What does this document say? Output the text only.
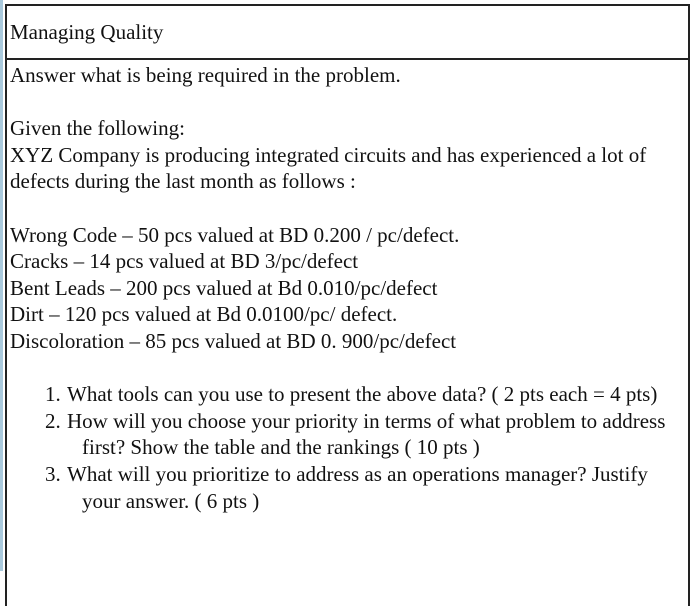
Managing Quality
Answer what is being required in the problem.
Given the following:
XYZ Company is producing integrated circuits and has experienced a lot of defects during the last month as follows :
Wrong Code – 50 pcs valued at BD 0.200 / pc/defect.
Cracks – 14 pcs valued at BD 3/pc/defect
Bent Leads – 200 pcs valued at Bd 0.010/pc/defect
Dirt – 120 pcs valued at Bd 0.0100/pc/ defect.
Discoloration – 85 pcs valued at BD 0. 900/pc/defect
1. What tools can you use to present the above data? ( 2 pts each = 4 pts)
2. How will you choose your priority in terms of what problem to address first? Show the table and the rankings ( 10 pts )
3. What will you prioritize to address as an operations manager? Justify your answer. ( 6 pts )
